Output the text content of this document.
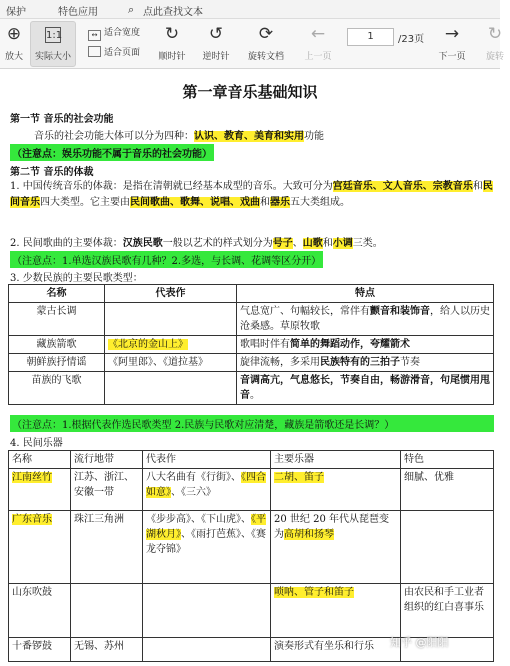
保护	特色应用	⌕ 点此查找文本
⊕
放大
1:1
实际大小
↔ 适合宽度
适合页面
↻
顺时针
↺
逆时针
⟳
旋转文档
←
上一页
1	/23页 →
下一页
↻
旋转
第一章音乐基础知识
第一节 音乐的社会功能
音乐的社会功能大体可以分为四种：认识、教育、美育和实用功能
（注意点：娱乐功能不属于音乐的社会功能）
第二节 音乐的体裁
1. 中国传统音乐的体裁：是指在清朝就已经基本成型的音乐。大致可分为宫廷音乐、文人音乐、宗教音乐和民间音乐四大类型。它主要由民间歌曲、歌舞、说唱、戏曲和器乐五大类组成。
2. 民间歌曲的主要体裁：汉族民歌一般以艺术的样式划分为号子、山歌和小调三类。
（注意点：1.单选汉族民歌有几种？2.多选，与长调、花调等区分开）
3. 少数民族的主要民歌类型：
名称	代表作	特点
蒙古长调		气息宽广、句幅较长，常伴有颤音和装饰音，给人以历史沧桑感。草原牧歌
藏族箭歌	《北京的金山上》	歌唱时伴有简单的舞蹈动作，夸耀箭术
朝鲜族抒情谣	《阿里郎》、《道拉基》	旋律流畅，多采用民族特有的三拍子节奏
苗族的飞歌		音调高亢，气息悠长，节奏自由，畅游滑音，句尾惯用甩音。
（注意点：1.根据代表作选民歌类型 2.民族与民歌对应清楚，藏族是箭歌还是长调？）
4. 民间乐器
名称	流行地带	代表作	主要乐器	特色
江南丝竹	江苏、浙江、安徽一带	八大名曲有《行街》、《四合如意》、《三六》	二胡、笛子	细腻、优雅
广东音乐	珠江三角洲	《步步高》、《下山虎》、《平湖秋月》、《雨打芭蕉》、《赛龙夺锦》	20 世纪 20 年代从琵琶变为高胡和扬琴	
山东吹鼓			唢呐、管子和笛子	由农民和手工业者组织的红白喜事乐
十番锣鼓	无锡、苏州		演奏形式有坐乐和行乐	知乎 @阳阳
